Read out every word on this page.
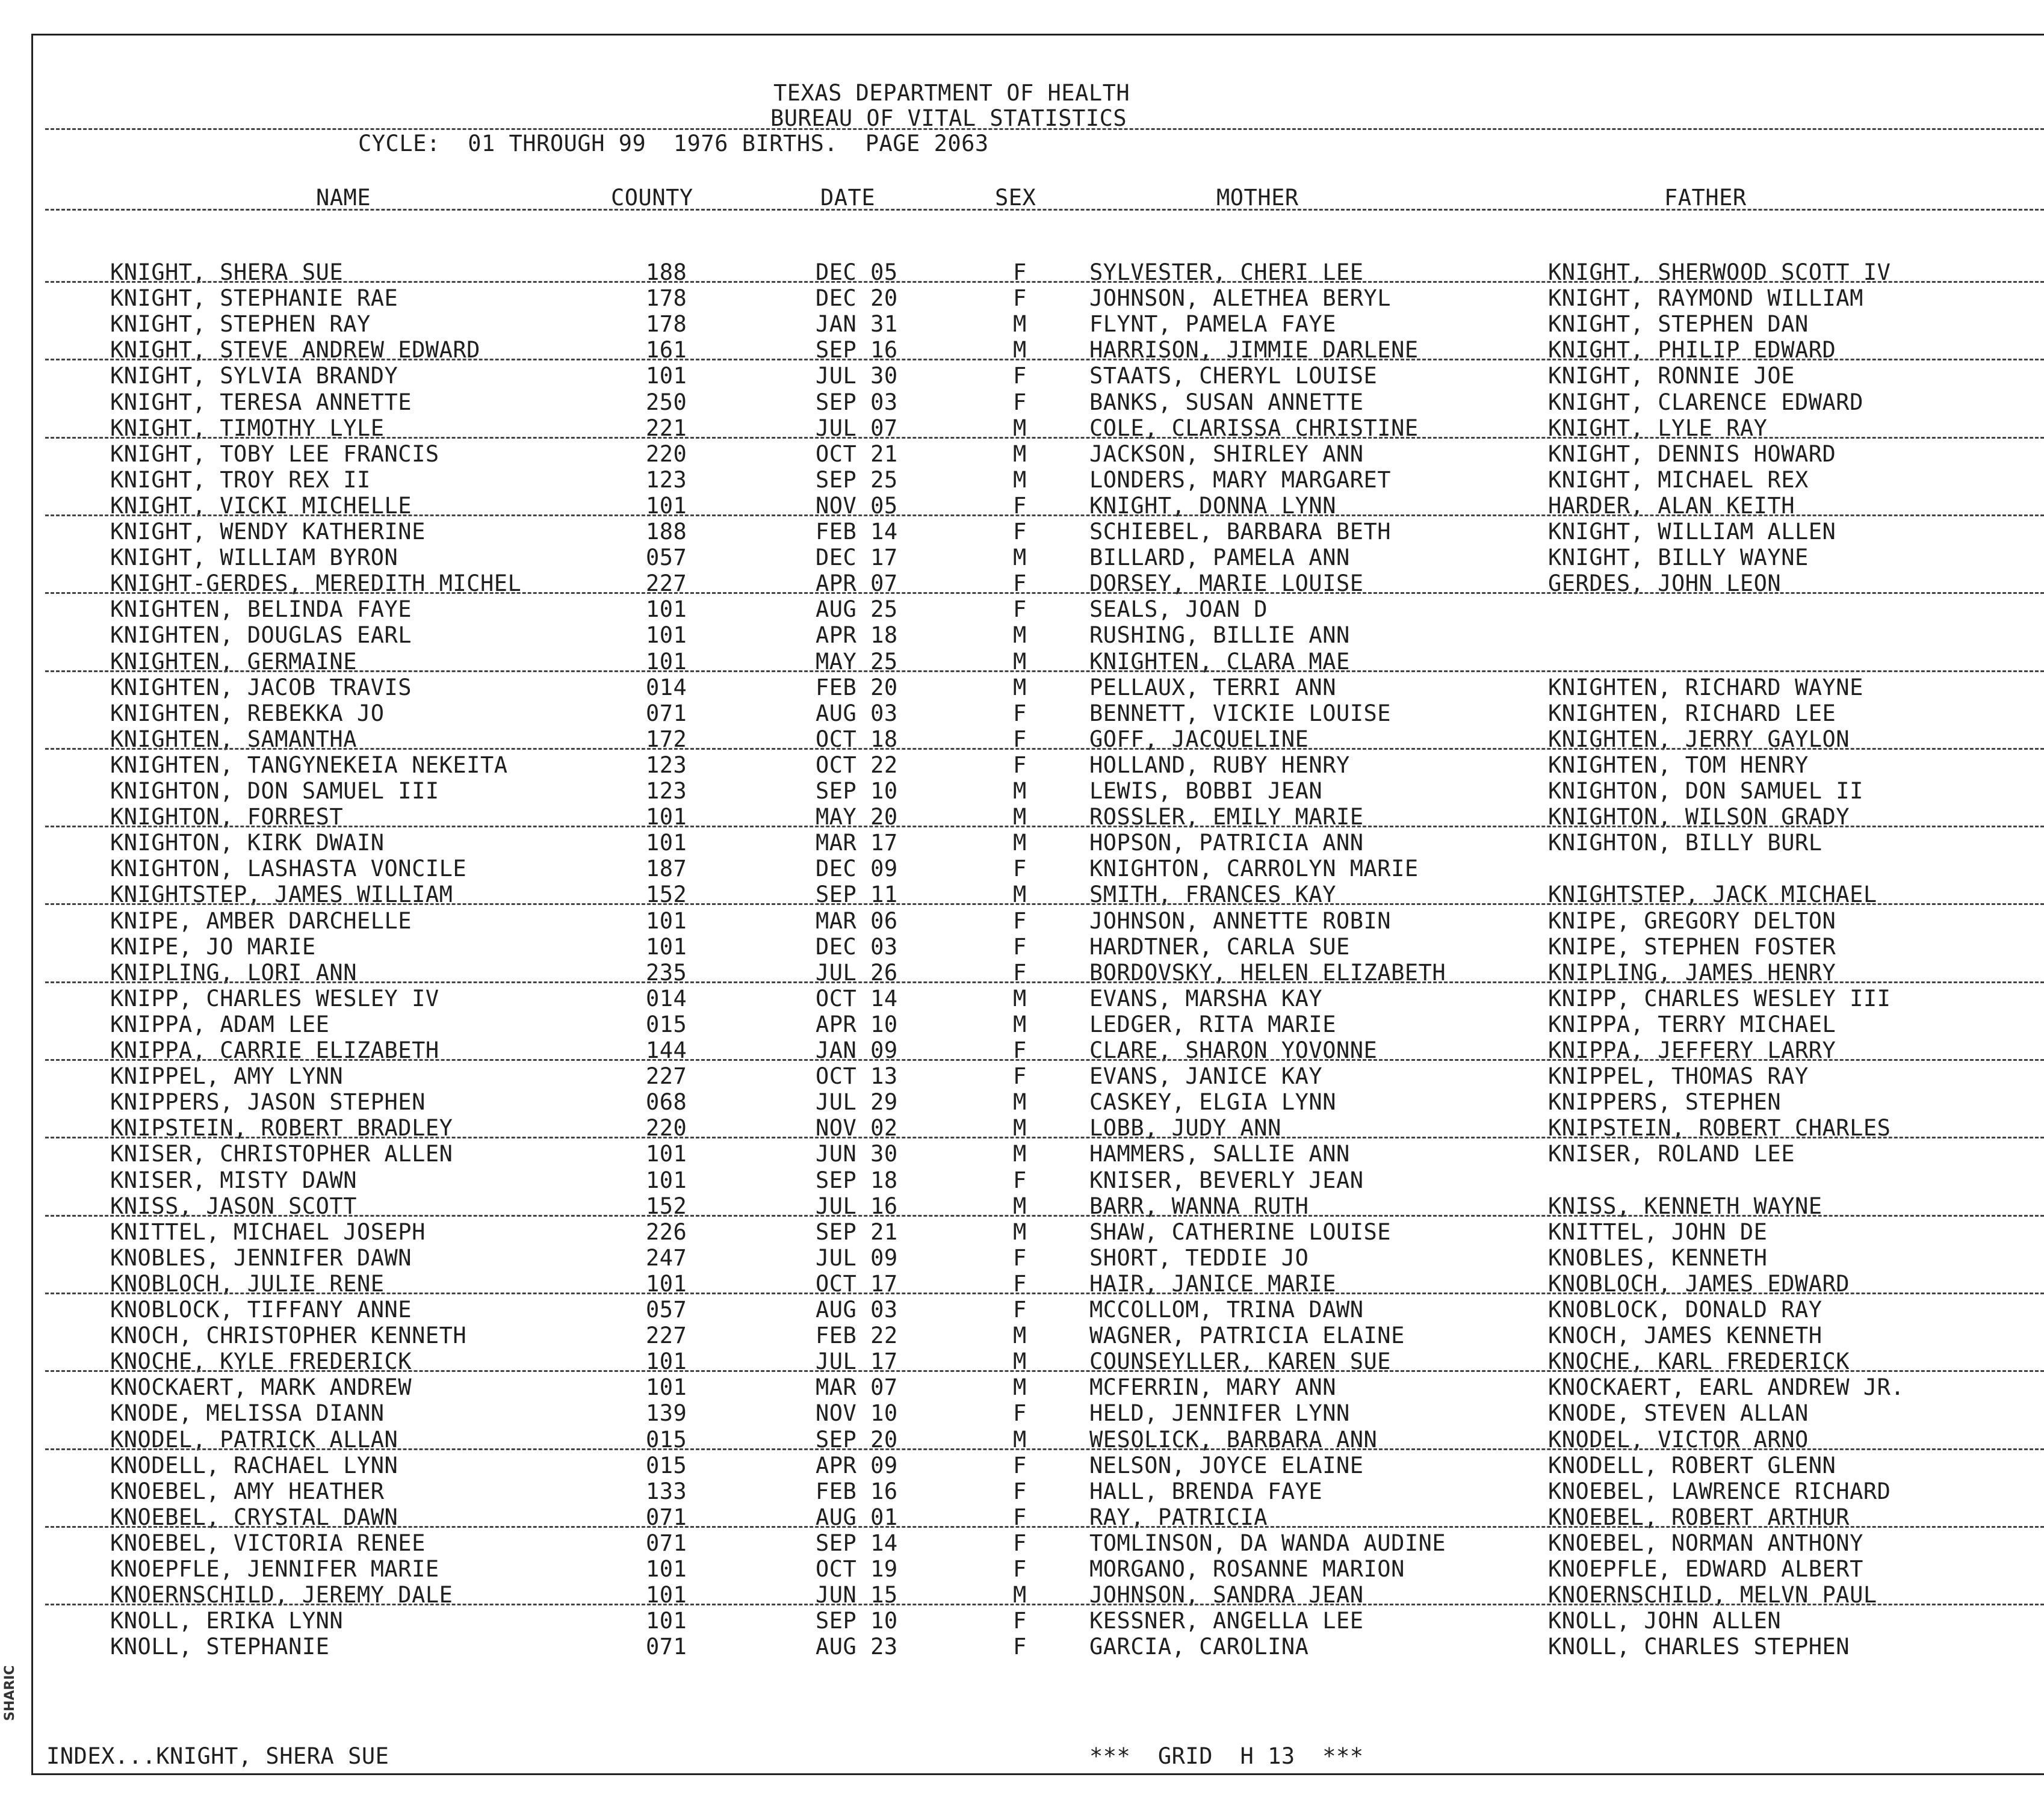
TEXAS DEPARTMENT OF HEALTH
BUREAU OF VITAL STATISTICS
CYCLE:  01 THROUGH 99  1976 BIRTHS.  PAGE 2063
NAME	COUNTY	DATE	SEX	MOTHER	FATHER
KNIGHT, SHERA SUE	188	DEC 05	F	SYLVESTER, CHERI LEE	KNIGHT, SHERWOOD SCOTT IV
KNIGHT, STEPHANIE RAE	178	DEC 20	F	JOHNSON, ALETHEA BERYL	KNIGHT, RAYMOND WILLIAM
KNIGHT, STEPHEN RAY	178	JAN 31	M	FLYNT, PAMELA FAYE	KNIGHT, STEPHEN DAN
KNIGHT, STEVE ANDREW EDWARD	161	SEP 16	M	HARRISON, JIMMIE DARLENE	KNIGHT, PHILIP EDWARD
KNIGHT, SYLVIA BRANDY	101	JUL 30	F	STAATS, CHERYL LOUISE	KNIGHT, RONNIE JOE
KNIGHT, TERESA ANNETTE	250	SEP 03	F	BANKS, SUSAN ANNETTE	KNIGHT, CLARENCE EDWARD
KNIGHT, TIMOTHY LYLE	221	JUL 07	M	COLE, CLARISSA CHRISTINE	KNIGHT, LYLE RAY
KNIGHT, TOBY LEE FRANCIS	220	OCT 21	M	JACKSON, SHIRLEY ANN	KNIGHT, DENNIS HOWARD
KNIGHT, TROY REX II	123	SEP 25	M	LONDERS, MARY MARGARET	KNIGHT, MICHAEL REX
KNIGHT, VICKI MICHELLE	101	NOV 05	F	KNIGHT, DONNA LYNN	HARDER, ALAN KEITH
KNIGHT, WENDY KATHERINE	188	FEB 14	F	SCHIEBEL, BARBARA BETH	KNIGHT, WILLIAM ALLEN
KNIGHT, WILLIAM BYRON	057	DEC 17	M	BILLARD, PAMELA ANN	KNIGHT, BILLY WAYNE
KNIGHT-GERDES, MEREDITH MICHEL	227	APR 07	F	DORSEY, MARIE LOUISE	GERDES, JOHN LEON
KNIGHTEN, BELINDA FAYE	101	AUG 25	F	SEALS, JOAN D
KNIGHTEN, DOUGLAS EARL	101	APR 18	M	RUSHING, BILLIE ANN
KNIGHTEN, GERMAINE	101	MAY 25	M	KNIGHTEN, CLARA MAE
KNIGHTEN, JACOB TRAVIS	014	FEB 20	M	PELLAUX, TERRI ANN	KNIGHTEN, RICHARD WAYNE
KNIGHTEN, REBEKKA JO	071	AUG 03	F	BENNETT, VICKIE LOUISE	KNIGHTEN, RICHARD LEE
KNIGHTEN, SAMANTHA	172	OCT 18	F	GOFF, JACQUELINE	KNIGHTEN, JERRY GAYLON
KNIGHTEN, TANGYNEKEIA NEKEITA	123	OCT 22	F	HOLLAND, RUBY HENRY	KNIGHTEN, TOM HENRY
KNIGHTON, DON SAMUEL III	123	SEP 10	M	LEWIS, BOBBI JEAN	KNIGHTON, DON SAMUEL II
KNIGHTON, FORREST	101	MAY 20	M	ROSSLER, EMILY MARIE	KNIGHTON, WILSON GRADY
KNIGHTON, KIRK DWAIN	101	MAR 17	M	HOPSON, PATRICIA ANN	KNIGHTON, BILLY BURL
KNIGHTON, LASHASTA VONCILE	187	DEC 09	F	KNIGHTON, CARROLYN MARIE
KNIGHTSTEP, JAMES WILLIAM	152	SEP 11	M	SMITH, FRANCES KAY	KNIGHTSTEP, JACK MICHAEL
KNIPE, AMBER DARCHELLE	101	MAR 06	F	JOHNSON, ANNETTE ROBIN	KNIPE, GREGORY DELTON
KNIPE, JO MARIE	101	DEC 03	F	HARDTNER, CARLA SUE	KNIPE, STEPHEN FOSTER
KNIPLING, LORI ANN	235	JUL 26	F	BORDOVSKY, HELEN ELIZABETH	KNIPLING, JAMES HENRY
KNIPP, CHARLES WESLEY IV	014	OCT 14	M	EVANS, MARSHA KAY	KNIPP, CHARLES WESLEY III
KNIPPA, ADAM LEE	015	APR 10	M	LEDGER, RITA MARIE	KNIPPA, TERRY MICHAEL
KNIPPA, CARRIE ELIZABETH	144	JAN 09	F	CLARE, SHARON YOVONNE	KNIPPA, JEFFERY LARRY
KNIPPEL, AMY LYNN	227	OCT 13	F	EVANS, JANICE KAY	KNIPPEL, THOMAS RAY
KNIPPERS, JASON STEPHEN	068	JUL 29	M	CASKEY, ELGIA LYNN	KNIPPERS, STEPHEN
KNIPSTEIN, ROBERT BRADLEY	220	NOV 02	M	LOBB, JUDY ANN	KNIPSTEIN, ROBERT CHARLES
KNISER, CHRISTOPHER ALLEN	101	JUN 30	M	HAMMERS, SALLIE ANN	KNISER, ROLAND LEE
KNISER, MISTY DAWN	101	SEP 18	F	KNISER, BEVERLY JEAN
KNISS, JASON SCOTT	152	JUL 16	M	BARR, WANNA RUTH	KNISS, KENNETH WAYNE
KNITTEL, MICHAEL JOSEPH	226	SEP 21	M	SHAW, CATHERINE LOUISE	KNITTEL, JOHN DE
KNOBLES, JENNIFER DAWN	247	JUL 09	F	SHORT, TEDDIE JO	KNOBLES, KENNETH
KNOBLOCH, JULIE RENE	101	OCT 17	F	HAIR, JANICE MARIE	KNOBLOCH, JAMES EDWARD
KNOBLOCK, TIFFANY ANNE	057	AUG 03	F	MCCOLLOM, TRINA DAWN	KNOBLOCK, DONALD RAY
KNOCH, CHRISTOPHER KENNETH	227	FEB 22	M	WAGNER, PATRICIA ELAINE	KNOCH, JAMES KENNETH
KNOCHE, KYLE FREDERICK	101	JUL 17	M	COUNSEYLLER, KAREN SUE	KNOCHE, KARL FREDERICK
KNOCKAERT, MARK ANDREW	101	MAR 07	M	MCFERRIN, MARY ANN	KNOCKAERT, EARL ANDREW JR.
KNODE, MELISSA DIANN	139	NOV 10	F	HELD, JENNIFER LYNN	KNODE, STEVEN ALLAN
KNODEL, PATRICK ALLAN	015	SEP 20	M	WESOLICK, BARBARA ANN	KNODEL, VICTOR ARNO
KNODELL, RACHAEL LYNN	015	APR 09	F	NELSON, JOYCE ELAINE	KNODELL, ROBERT GLENN
KNOEBEL, AMY HEATHER	133	FEB 16	F	HALL, BRENDA FAYE	KNOEBEL, LAWRENCE RICHARD
KNOEBEL, CRYSTAL DAWN	071	AUG 01	F	RAY, PATRICIA	KNOEBEL, ROBERT ARTHUR
KNOEBEL, VICTORIA RENEE	071	SEP 14	F	TOMLINSON, DA WANDA AUDINE	KNOEBEL, NORMAN ANTHONY
KNOEPFLE, JENNIFER MARIE	101	OCT 19	F	MORGANO, ROSANNE MARION	KNOEPFLE, EDWARD ALBERT
KNOERNSCHILD, JEREMY DALE	101	JUN 15	M	JOHNSON, SANDRA JEAN	KNOERNSCHILD, MELVN PAUL
KNOLL, ERIKA LYNN	101	SEP 10	F	KESSNER, ANGELLA LEE	KNOLL, JOHN ALLEN
KNOLL, STEPHANIE	071	AUG 23	F	GARCIA, CAROLINA	KNOLL, CHARLES STEPHEN
INDEX...KNIGHT, SHERA SUE	***  GRID  H 13  ***
SHARIC
